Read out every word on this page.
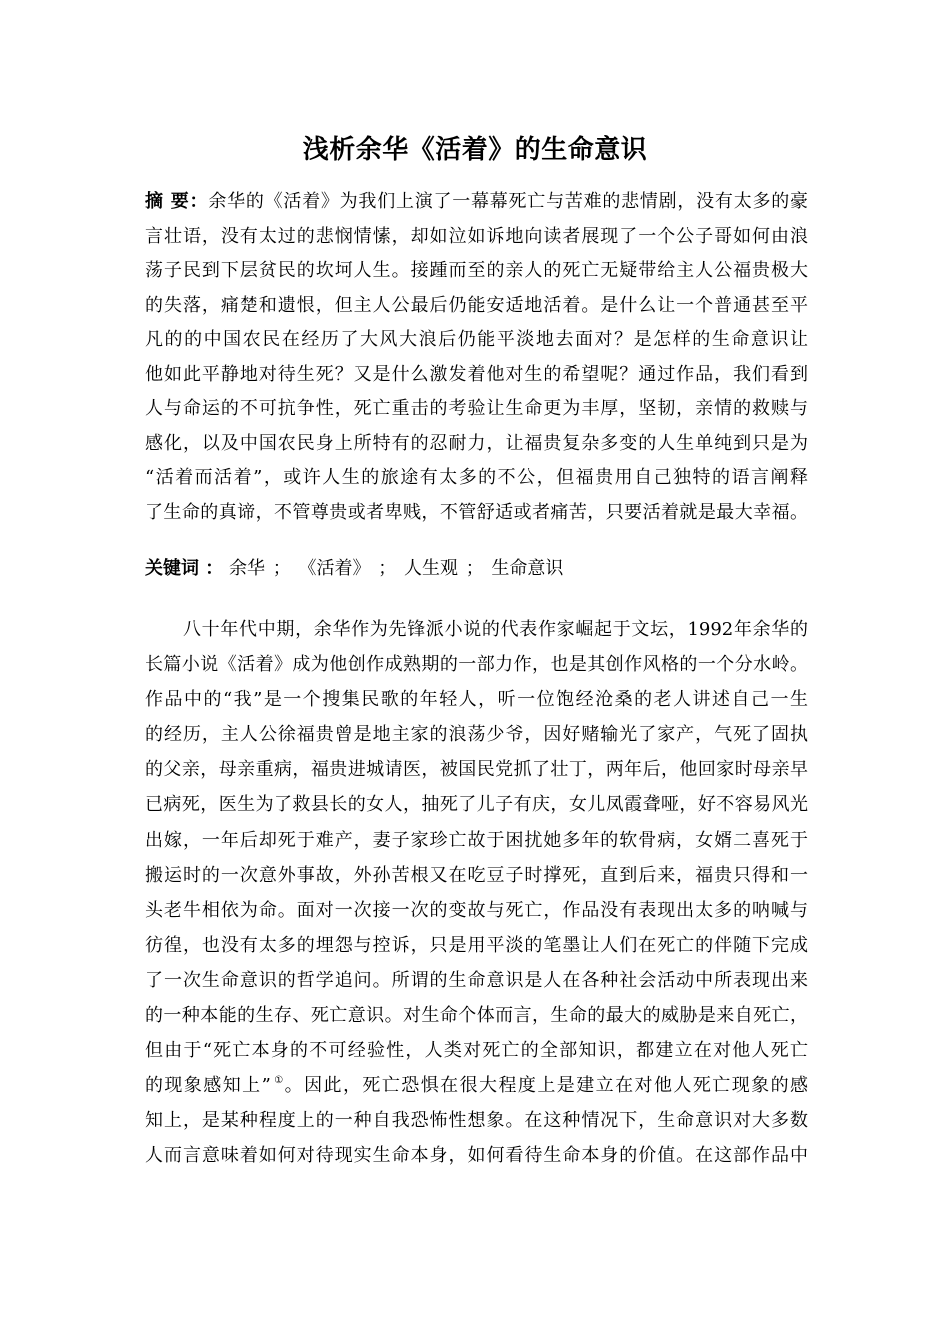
浅析余华《活着》的生命意识
摘 要：余华的《活着》为我们上演了一幕幕死亡与苦难的悲情剧，没有太多的豪
言壮语，没有太过的悲悯情愫，却如泣如诉地向读者展现了一个公子哥如何由浪
荡子民到下层贫民的坎坷人生。接踵而至的亲人的死亡无疑带给主人公福贵极大
的失落，痛楚和遗恨，但主人公最后仍能安适地活着。是什么让一个普通甚至平
凡的的中国农民在经历了大风大浪后仍能平淡地去面对？是怎样的生命意识让
他如此平静地对待生死？又是什么激发着他对生的希望呢？通过作品，我们看到
人与命运的不可抗争性，死亡重击的考验让生命更为丰厚，坚韧，亲情的救赎与
感化，以及中国农民身上所特有的忍耐力，让福贵复杂多变的人生单纯到只是为
“活着而活着”，或许人生的旅途有太多的不公，但福贵用自己独特的语言阐释
了生命的真谛，不管尊贵或者卑贱，不管舒适或者痛苦，只要活着就是最大幸福。
关键词 ： 余华 ； 《活着》 ； 人生观 ； 生命意识
八十年代中期，余华作为先锋派小说的代表作家崛起于文坛，1992年余华的
长篇小说《活着》成为他创作成熟期的一部力作，也是其创作风格的一个分水岭。
作品中的“我”是一个搜集民歌的年轻人，听一位饱经沧桑的老人讲述自己一生
的经历，主人公徐福贵曾是地主家的浪荡少爷，因好赌输光了家产，气死了固执
的父亲，母亲重病，福贵进城请医，被国民党抓了壮丁，两年后，他回家时母亲早
已病死，医生为了救县长的女人，抽死了儿子有庆，女儿凤霞聋哑，好不容易风光
出嫁，一年后却死于难产，妻子家珍亡故于困扰她多年的软骨病，女婿二喜死于
搬运时的一次意外事故，外孙苦根又在吃豆子时撑死，直到后来，福贵只得和一
头老牛相依为命。面对一次接一次的变故与死亡，作品没有表现出太多的呐喊与
彷徨，也没有太多的埋怨与控诉，只是用平淡的笔墨让人们在死亡的伴随下完成
了一次生命意识的哲学追问。所谓的生命意识是人在各种社会活动中所表现出来
的一种本能的生存、死亡意识。对生命个体而言，生命的最大的威胁是来自死亡，
但由于“死亡本身的不可经验性，人类对死亡的全部知识，都建立在对他人死亡
的现象感知上” ①。因此，死亡恐惧在很大程度上是建立在对他人死亡现象的感
知上，是某种程度上的一种自我恐怖性想象。在这种情况下，生命意识对大多数
人而言意味着如何对待现实生命本身，如何看待生命本身的价值。在这部作品中
